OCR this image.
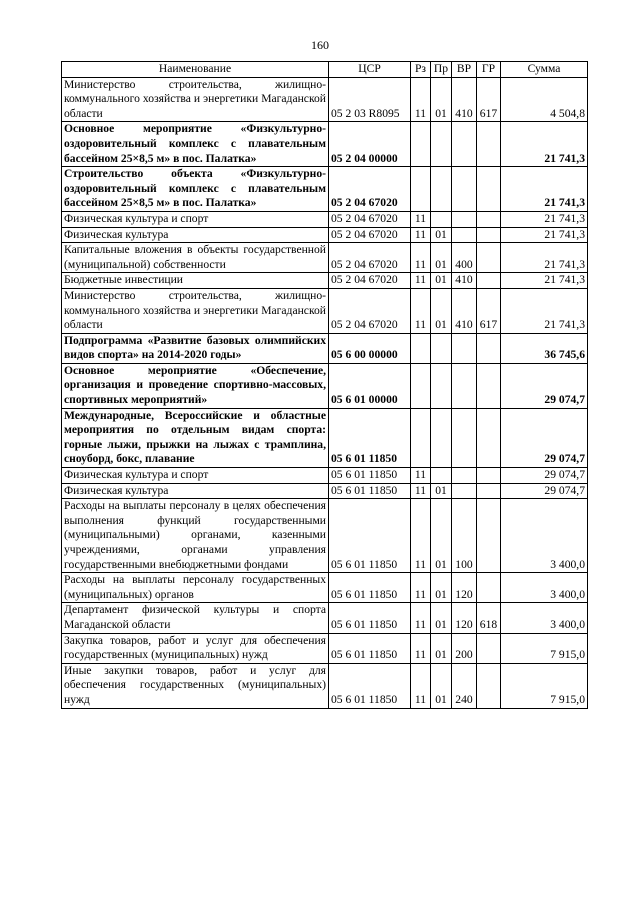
160
Наименование	ЦСР	Рз	Пр	ВР	ГР	Сумма
Министерство строительства, жилищно-коммунального хозяйства и энергетики Магаданской области	05 2 03 R8095	11	01	410	617	4 504,8
Основное мероприятие «Физкультурно-оздоровительный комплекс с плавательным бассейном 25×8,5 м» в пос. Палатка»	05 2 04 00000					21 741,3
Строительство объекта «Физкультурно-оздоровительный комплекс с плавательным бассейном 25×8,5 м» в пос. Палатка»	05 2 04 67020					21 741,3
Физическая культура и спорт	05 2 04 67020	11				21 741,3
Физическая культура	05 2 04 67020	11	01			21 741,3
Капитальные вложения в объекты государственной (муниципальной) собственности	05 2 04 67020	11	01	400		21 741,3
Бюджетные инвестиции	05 2 04 67020	11	01	410		21 741,3
Министерство строительства, жилищно-коммунального хозяйства и энергетики Магаданской области	05 2 04 67020	11	01	410	617	21 741,3
Подпрограмма «Развитие базовых олимпийских видов спорта» на 2014-2020 годы»	05 6 00 00000					36 745,6
Основное мероприятие «Обеспечение, организация и проведение спортивно-массовых, спортивных мероприятий»	05 6 01 00000					29 074,7
Международные, Всероссийские и областные мероприятия по отдельным видам спорта: горные лыжи, прыжки на лыжах с трамплина, сноуборд, бокс, плавание	05 6 01 11850					29 074,7
Физическая культура и спорт	05 6 01 11850	11				29 074,7
Физическая культура	05 6 01 11850	11	01			29 074,7
Расходы на выплаты персоналу в целях обеспечения выполнения функций государственными (муниципальными) органами, казенными учреждениями, органами управления государственными внебюджетными фондами	05 6 01 11850	11	01	100		3 400,0
Расходы на выплаты персоналу государственных (муниципальных) органов	05 6 01 11850	11	01	120		3 400,0
Департамент физической культуры и спорта Магаданской области	05 6 01 11850	11	01	120	618	3 400,0
Закупка товаров, работ и услуг для обеспечения государственных (муниципальных) нужд	05 6 01 11850	11	01	200		7 915,0
Иные закупки товаров, работ и услуг для обеспечения государственных (муниципальных) нужд	05 6 01 11850	11	01	240		7 915,0
